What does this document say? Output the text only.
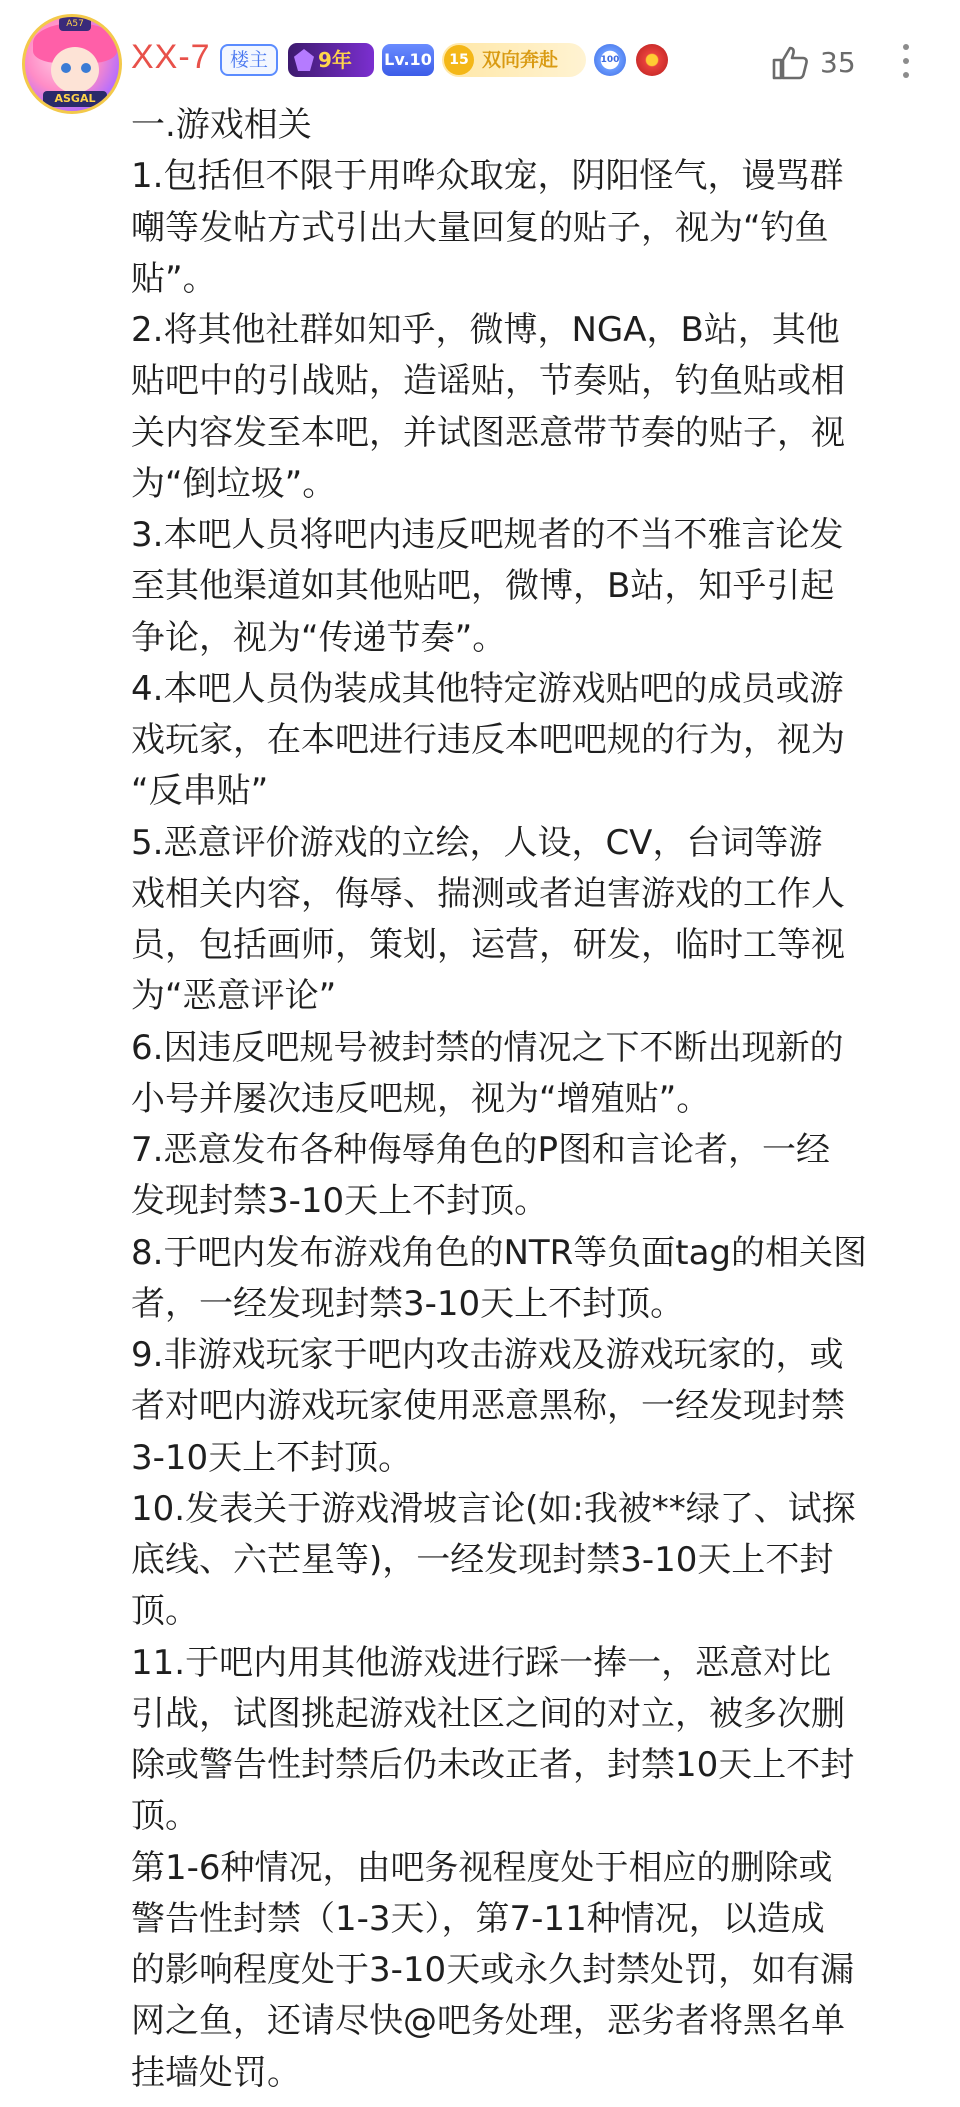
A57
ASGAL
XX-7	楼主	9年	Lv.10	15 双向奔赴	100	35
一.游戏相关
1.包括但不限于用哗众取宠，阴阳怪气，谩骂群
嘲等发帖方式引出大量回复的贴子，视为“钓鱼
贴”。
2.将其他社群如知乎，微博，NGA，B站，其他
贴吧中的引战贴，造谣贴，节奏贴，钓鱼贴或相
关内容发至本吧，并试图恶意带节奏的贴子，视
为“倒垃圾”。
3.本吧人员将吧内违反吧规者的不当不雅言论发
至其他渠道如其他贴吧，微博，B站，知乎引起
争论，视为“传递节奏”。
4.本吧人员伪装成其他特定游戏贴吧的成员或游
戏玩家，在本吧进行违反本吧吧规的行为，视为
“反串贴”
5.恶意评价游戏的立绘，人设，CV，台词等游
戏相关内容，侮辱、揣测或者迫害游戏的工作人
员，包括画师，策划，运营，研发，临时工等视
为“恶意评论”
6.因违反吧规号被封禁的情况之下不断出现新的
小号并屡次违反吧规，视为“增殖贴”。
7.恶意发布各种侮辱角色的P图和言论者，一经
发现封禁3-10天上不封顶。
8.于吧内发布游戏角色的NTR等负面tag的相关图
者，一经发现封禁3-10天上不封顶。
9.非游戏玩家于吧内攻击游戏及游戏玩家的，或
者对吧内游戏玩家使用恶意黑称，一经发现封禁
3-10天上不封顶。
10.发表关于游戏滑坡言论(如:我被**绿了、试探
底线、六芒星等)，一经发现封禁3-10天上不封
顶。
11.于吧内用其他游戏进行踩一捧一，恶意对比
引战，试图挑起游戏社区之间的对立，被多次删
除或警告性封禁后仍未改正者，封禁10天上不封
顶。
第1-6种情况，由吧务视程度处于相应的删除或
警告性封禁（1-3天），第7-11种情况，以造成
的影响程度处于3-10天或永久封禁处罚，如有漏
网之鱼，还请尽快@吧务处理，恶劣者将黑名单
挂墙处罚。
